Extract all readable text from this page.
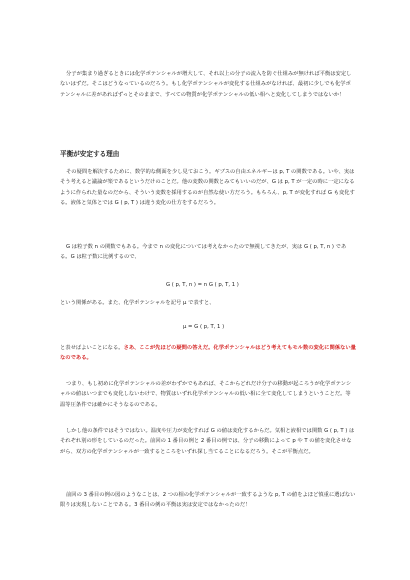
分子が集まり過ぎるときには化学ポテンシャルが増大して、それ以上の分子の流入を防ぐ仕組みが無ければ平衡は安定しないはずだ。そこはどうなっているのだろう。もし化学ポテンシャルが変化する仕組みがなければ、最初に少しでも化学ポテンシャルに差があればずっとそのままで、すべての物質が化学ポテンシャルの低い相へと変化してしまうではないか！

平衡が安定する理由

その疑問を解決するために、数学的な側面を少し見ておこう。ギブスの自由エネルギーは p, T の関数である。いや、実はそう考えると議論が楽であるというだけのことだ。他の変数の関数とみてもいいのだが、G は p, T が一定の時に一定になるように作られた量なのだから、そういう変数を採用するのが自然な使い方だろう。もちろん、p, T が変化すれば G も変化する。液体と気体とでは G ( p, T ) は違う変化の仕方をするだろう。

G は粒子数 n の関数でもある。今まで n の変化については考えなかったので無視してきたが、実は G ( p, T, n ) である。G は粒子数に比例するので、

G ( p, T, n ) = n G ( p, T, 1 )

という関係がある。また、化学ポテンシャルを記号 μ で表すと、

μ = G ( p, T, 1 )

と表せばよいことになる。さあ、ここが先ほどの疑問の答えだ。化学ポテンシャルはどう考えてもモル数の変化に関係ない量なのである。

つまり、もし初めに化学ポテンシャルの差がわずかでもあれば、そこからどれだけ分子の移動が起ころうが化学ポテンシャルの値はいつまでも変化しないわけで、物質はいずれ化学ポテンシャルの低い相に全て変化してしまうということだ。等温等圧条件では確かにそうなるのである。

しかし他の条件ではそうではない。温度や圧力が変化すれば G の値は変化するからだ。気相と液相では関数 G ( p, T ) はそれぞれ別の形をしているのだった。前回の 1 番目の例と 2 番目の例では、分子の移動によって p や T の値を変化させながら、双方の化学ポテンシャルが一致するところをいずれ探し当てることになるだろう。そこが平衡点だ。

前回の 3 番目の例の図のようなことは、2 つの相の化学ポテンシャルが一致するような p, T の値をよほど慎重に選ばない限りは実現しないことである。3 番目の例の平衡は実は安定ではなかったのだ！
